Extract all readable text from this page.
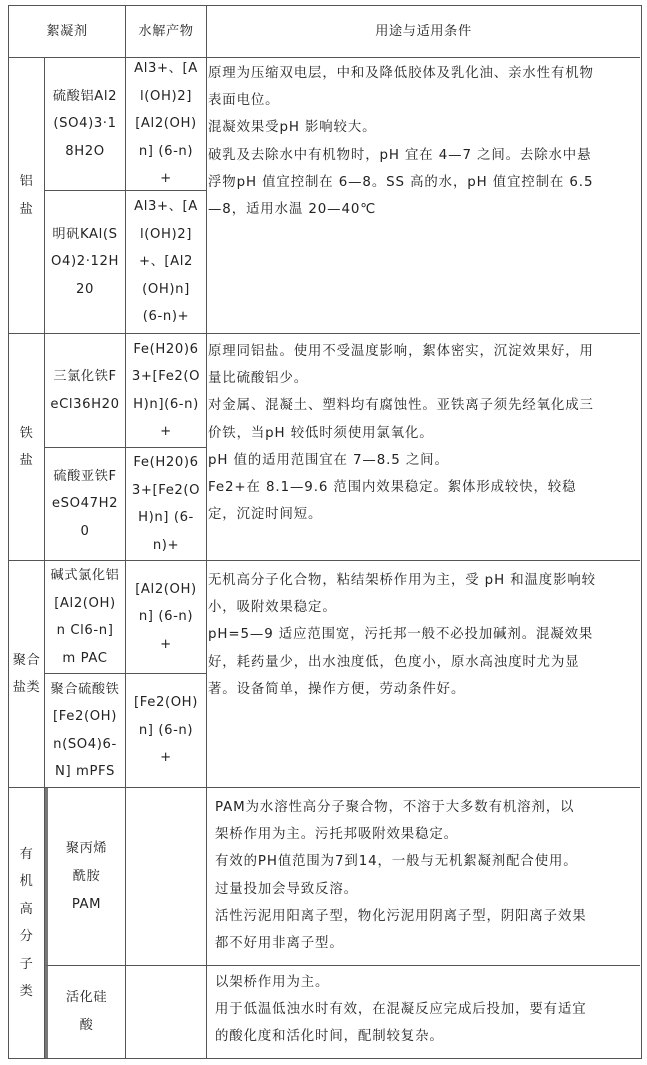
絮凝剂	水解产物	用途与适用条件
铝
盐
硫酸铝Al2
(SO4)3·1
8H2O
Al3+、[A
l(OH)2]
[Al2(OH)
n] (6-n)
+
明矾KAl(S
O4)2·12H
20
Al3+、[A
l(OH)2]
+、[Al2
(OH)n]
(6-n)+
原理为压缩双电层，中和及降低胶体及乳化油、亲水性有机物
表面电位。
混凝效果受pH 影响较大。
破乳及去除水中有机物时，pH 宜在 4—7 之间。去除水中悬
浮物pH 值宜控制在 6—8。SS 高的水，pH 值宜控制在 6.5
—8，适用水温 20—40℃
铁
盐
三氯化铁F
eCl36H20
Fe(H20)6
3+[Fe2(O
H)n](6-n)
+
硫酸亚铁F
eSO47H2
0
Fe(H20)6
3+[Fe2(O
H)n] (6-
n)+
原理同铝盐。使用不受温度影响，絮体密实，沉淀效果好，用
量比硫酸铝少。
对金属、混凝土、塑料均有腐蚀性。亚铁离子须先经氧化成三
价铁，当pH 较低时须使用氯氧化。
pH 值的适用范围宜在 7—8.5 之间。
Fe2+在 8.1—9.6 范围内效果稳定。絮体形成较快，较稳
定，沉淀时间短。
聚合
盐类
碱式氯化铝
[Al2(OH)
n Cl6-n]
m PAC
[Al2(OH)
n] (6-n)
+
聚合硫酸铁
[Fe2(OH)
n(SO4)6-
N] mPFS
[Fe2(OH)
n] (6-n)
+
无机高分子化合物，粘结架桥作用为主，受 pH 和温度影响较
小，吸附效果稳定。
pH=5—9 适应范围宽，污托邦一般不必投加碱剂。混凝效果
好，耗药量少，出水浊度低，色度小，原水高浊度时尤为显
著。设备简单，操作方便，劳动条件好。
有
机
高
分
子
类
聚丙烯
酰胺
PAM
PAM为水溶性高分子聚合物，不溶于大多数有机溶剂，以
架桥作用为主。污托邦吸附效果稳定。
有效的PH值范围为7到14，一般与无机絮凝剂配合使用。
过量投加会导致反溶。
活性污泥用阳离子型，物化污泥用阴离子型，阴阳离子效果
都不好用非离子型。
活化硅
酸
以架桥作用为主。
用于低温低浊水时有效，在混凝反应完成后投加，要有适宜
的酸化度和活化时间，配制较复杂。
